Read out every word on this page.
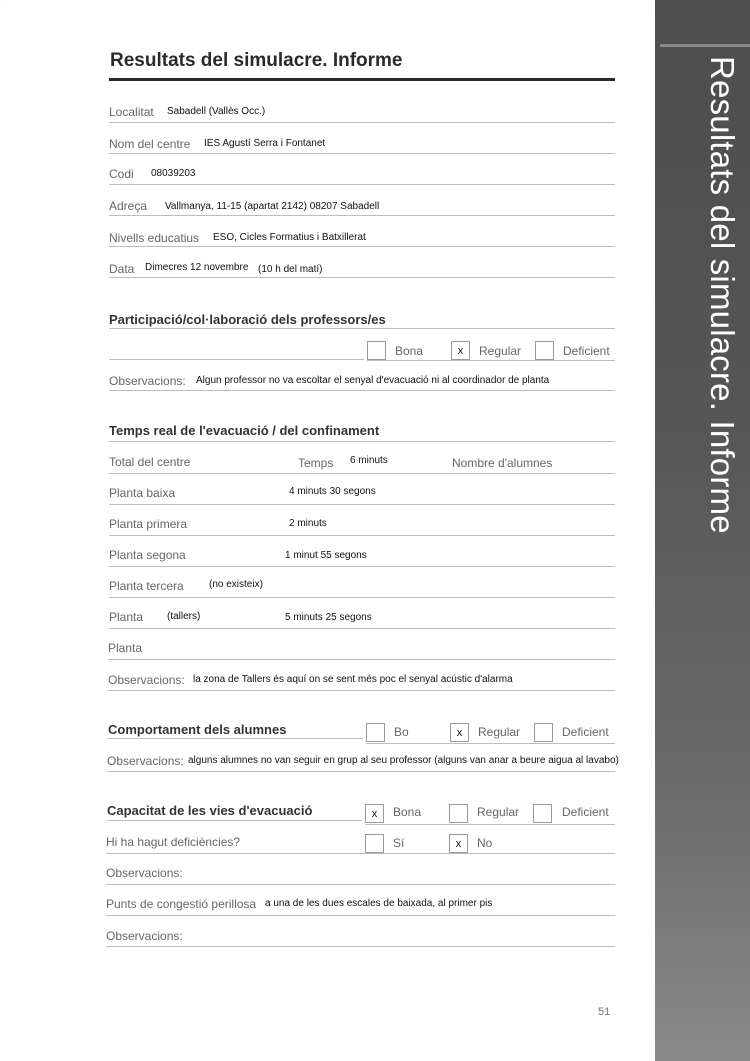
...
Resultats del simulacre. Informe
Resultats del simulacre. Informe
Localitat Sabadell (Vallès Occ.)
Nom del centre IES Agustí Serra i Fontanet
Codi 08039203
Adreça Vallmanya, 11-15 (apartat 2142) 08207 Sabadell
Nivells educatius ESO, Cicles Formatius i Batxillerat
Data Dimecres 12 novembre (10 h del matí)
Participació/col·laboració dels professors/es
Bona	x	Regular	Deficient
Observacions: Algun professor no va escoltar el senyal d'evacuació ni al coordinador de planta
Temps real de l'evacuació / del confinament
Total del centre	Temps 6 minuts	Nombre d'alumnes
Planta baixa	4 minuts 30 segons
Planta primera	2 minuts
Planta segona	1 minut 55 segons
Planta tercera	(no existeix)
Planta (tallers)	5 minuts 25 segons
Planta
Observacions: la zona de Tallers és aquí on se sent més poc el senyal acústic d'alarma
Comportament dels alumnes	Bo	x	Regular	Deficient
Observacions: alguns alumnes no van seguir en grup al seu professor (alguns van anar a beure aigua al lavabo)
Capacitat de les vies d'evacuació	x	Bona	Regular	Deficient
Hi ha hagut deficiències?	Sí	x	No
Observacions:
Punts de congestió perillosa a una de les dues escales de baixada, al primer pis
Observacions:
51
